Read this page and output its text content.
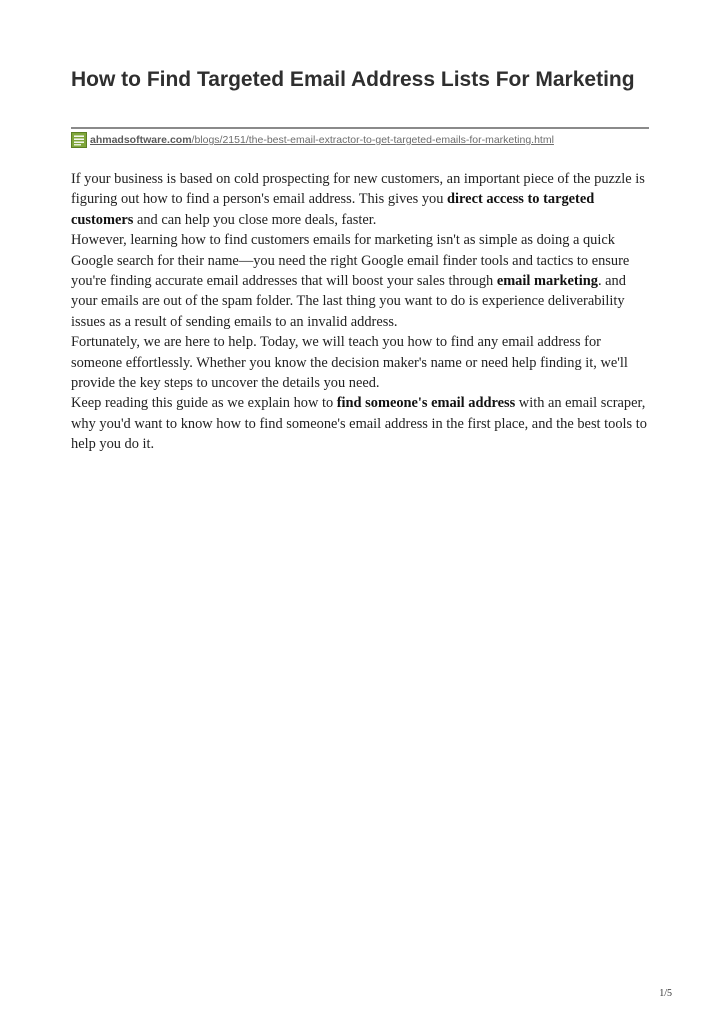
How to Find Targeted Email Address Lists For Marketing
ahmadsoftware.com /blogs/2151/the-best-email-extractor-to-get-targeted-emails-for-marketing.html

If your business is based on cold prospecting for new customers, an important piece of the puzzle is figuring out how to find a person's email address. This gives you direct access to targeted customers and can help you close more deals, faster.

However, learning how to find customers emails for marketing isn't as simple as doing a quick Google search for their name—you need the right Google email finder tools and tactics to ensure you're finding accurate email addresses that will boost your sales through email marketing. and your emails are out of the spam folder. The last thing you want to do is experience deliverability issues as a result of sending emails to an invalid address.

Fortunately, we are here to help. Today, we will teach you how to find any email address for someone effortlessly. Whether you know the decision maker's name or need help finding it, we'll provide the key steps to uncover the details you need.

Keep reading this guide as we explain how to find someone's email address with an email scraper, why you'd want to know how to find someone's email address in the first place, and the best tools to help you do it.

1/5
